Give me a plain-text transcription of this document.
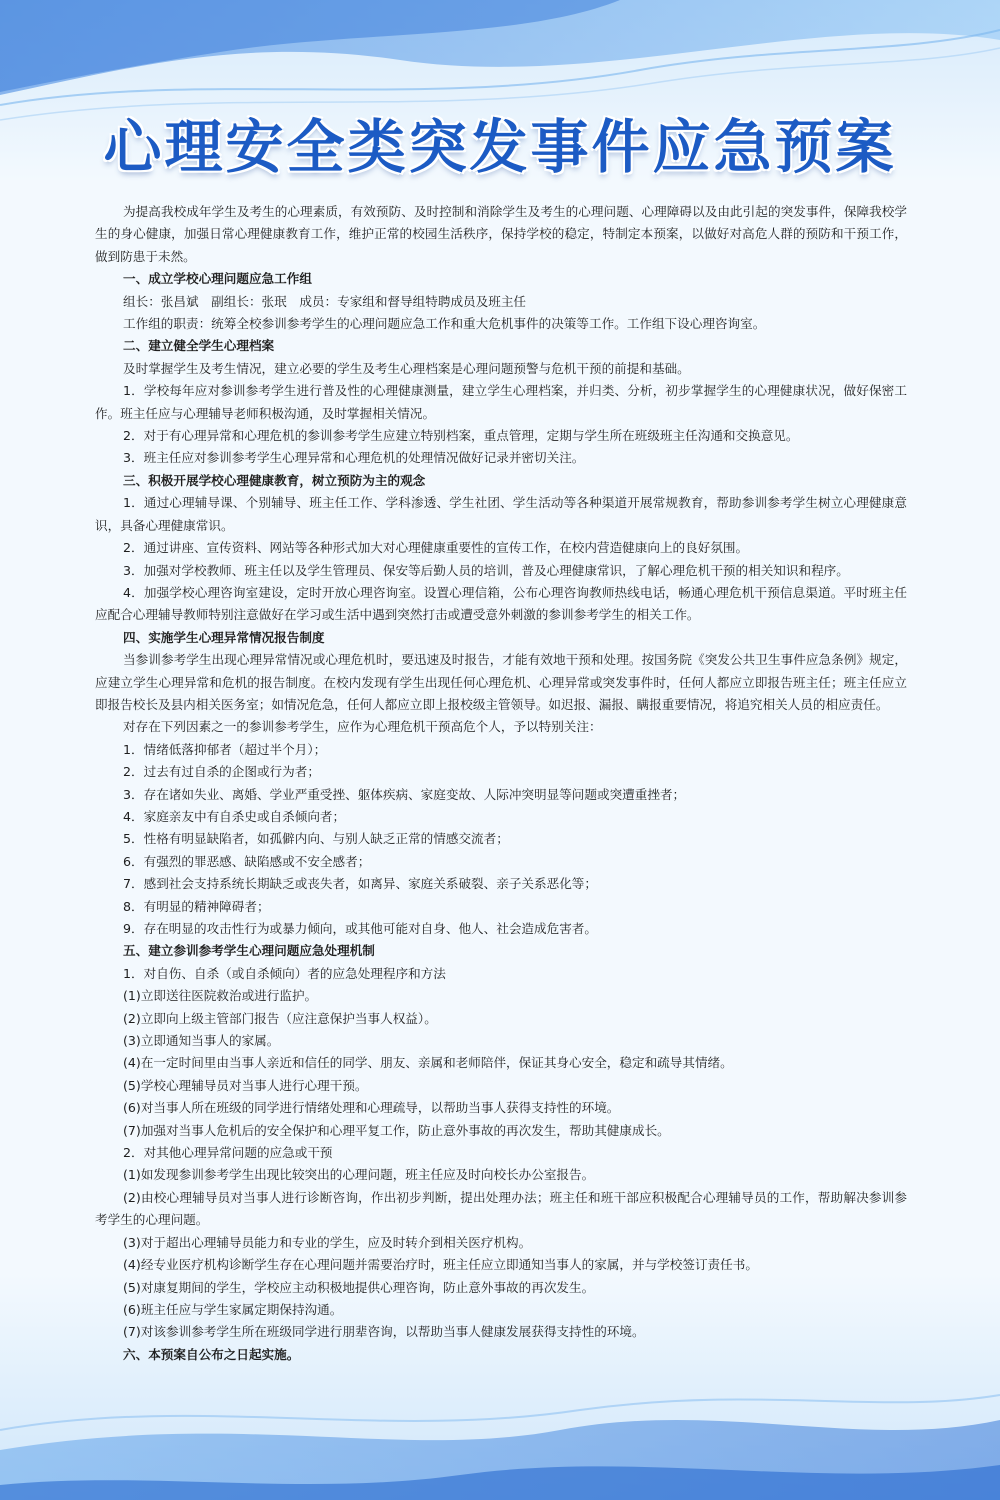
心理安全类突发事件应急预案

为提高我校成年学生及考生的心理素质，有效预防、及时控制和消除学生及考生的心理问题、心理障碍以及由此引起的突发事件，保障我校学生的身心健康，加强日常心理健康教育工作，维护正常的校园生活秩序，保持学校的稳定，特制定本预案，以做好对高危人群的预防和干预工作，做到防患于未然。

一、成立学校心理问题应急工作组

组长：张昌斌　副组长：张珉　成员：专家组和督导组特聘成员及班主任

工作组的职责：统筹全校参训参考学生的心理问题应急工作和重大危机事件的决策等工作。工作组下设心理咨询室。

二、建立健全学生心理档案

及时掌握学生及考生情况，建立必要的学生及考生心理档案是心理问题预警与危机干预的前提和基础。

1．学校每年应对参训参考学生进行普及性的心理健康测量，建立学生心理档案，并归类、分析，初步掌握学生的心理健康状况，做好保密工作。班主任应与心理辅导老师积极沟通，及时掌握相关情况。

2．对于有心理异常和心理危机的参训参考学生应建立特别档案，重点管理，定期与学生所在班级班主任沟通和交换意见。

3．班主任应对参训参考学生心理异常和心理危机的处理情况做好记录并密切关注。

三、积极开展学校心理健康教育，树立预防为主的观念

1．通过心理辅导课、个别辅导、班主任工作、学科渗透、学生社团、学生活动等各种渠道开展常规教育，帮助参训参考学生树立心理健康意识，具备心理健康常识。

2．通过讲座、宣传资料、网站等各种形式加大对心理健康重要性的宣传工作，在校内营造健康向上的良好氛围。

3．加强对学校教师、班主任以及学生管理员、保安等后勤人员的培训，普及心理健康常识，了解心理危机干预的相关知识和程序。

4．加强学校心理咨询室建设，定时开放心理咨询室。设置心理信箱，公布心理咨询教师热线电话，畅通心理危机干预信息渠道。平时班主任应配合心理辅导教师特别注意做好在学习或生活中遇到突然打击或遭受意外刺激的参训参考学生的相关工作。

四、实施学生心理异常情况报告制度

当参训参考学生出现心理异常情况或心理危机时，要迅速及时报告，才能有效地干预和处理。按国务院《突发公共卫生事件应急条例》规定，应建立学生心理异常和危机的报告制度。在校内发现有学生出现任何心理危机、心理异常或突发事件时，任何人都应立即报告班主任；班主任应立即报告校长及县内相关医务室；如情况危急，任何人都应立即上报校级主管领导。如迟报、漏报、瞒报重要情况，将追究相关人员的相应责任。

对存在下列因素之一的参训参考学生，应作为心理危机干预高危个人，予以特别关注：

1．情绪低落抑郁者（超过半个月）；

2．过去有过自杀的企图或行为者；

3．存在诸如失业、离婚、学业严重受挫、躯体疾病、家庭变故、人际冲突明显等问题或突遭重挫者；

4．家庭亲友中有自杀史或自杀倾向者；

5．性格有明显缺陷者，如孤僻内向、与别人缺乏正常的情感交流者；

6．有强烈的罪恶感、缺陷感或不安全感者；

7．感到社会支持系统长期缺乏或丧失者，如离异、家庭关系破裂、亲子关系恶化等；

8．有明显的精神障碍者；

9．存在明显的攻击性行为或暴力倾向，或其他可能对自身、他人、社会造成危害者。

五、建立参训参考学生心理问题应急处理机制

1．对自伤、自杀（或自杀倾向）者的应急处理程序和方法

(1)立即送往医院救治或进行监护。

(2)立即向上级主管部门报告（应注意保护当事人权益）。

(3)立即通知当事人的家属。

(4)在一定时间里由当事人亲近和信任的同学、朋友、亲属和老师陪伴，保证其身心安全，稳定和疏导其情绪。

(5)学校心理辅导员对当事人进行心理干预。

(6)对当事人所在班级的同学进行情绪处理和心理疏导，以帮助当事人获得支持性的环境。

(7)加强对当事人危机后的安全保护和心理平复工作，防止意外事故的再次发生，帮助其健康成长。

2．对其他心理异常问题的应急或干预

(1)如发现参训参考学生出现比较突出的心理问题，班主任应及时向校长办公室报告。

(2)由校心理辅导员对当事人进行诊断咨询，作出初步判断，提出处理办法；班主任和班干部应积极配合心理辅导员的工作，帮助解决参训参考学生的心理问题。

(3)对于超出心理辅导员能力和专业的学生，应及时转介到相关医疗机构。

(4)经专业医疗机构诊断学生存在心理问题并需要治疗时，班主任应立即通知当事人的家属，并与学校签订责任书。

(5)对康复期间的学生，学校应主动积极地提供心理咨询，防止意外事故的再次发生。

(6)班主任应与学生家属定期保持沟通。

(7)对该参训参考学生所在班级同学进行朋辈咨询，以帮助当事人健康发展获得支持性的环境。

六、本预案自公布之日起实施。
